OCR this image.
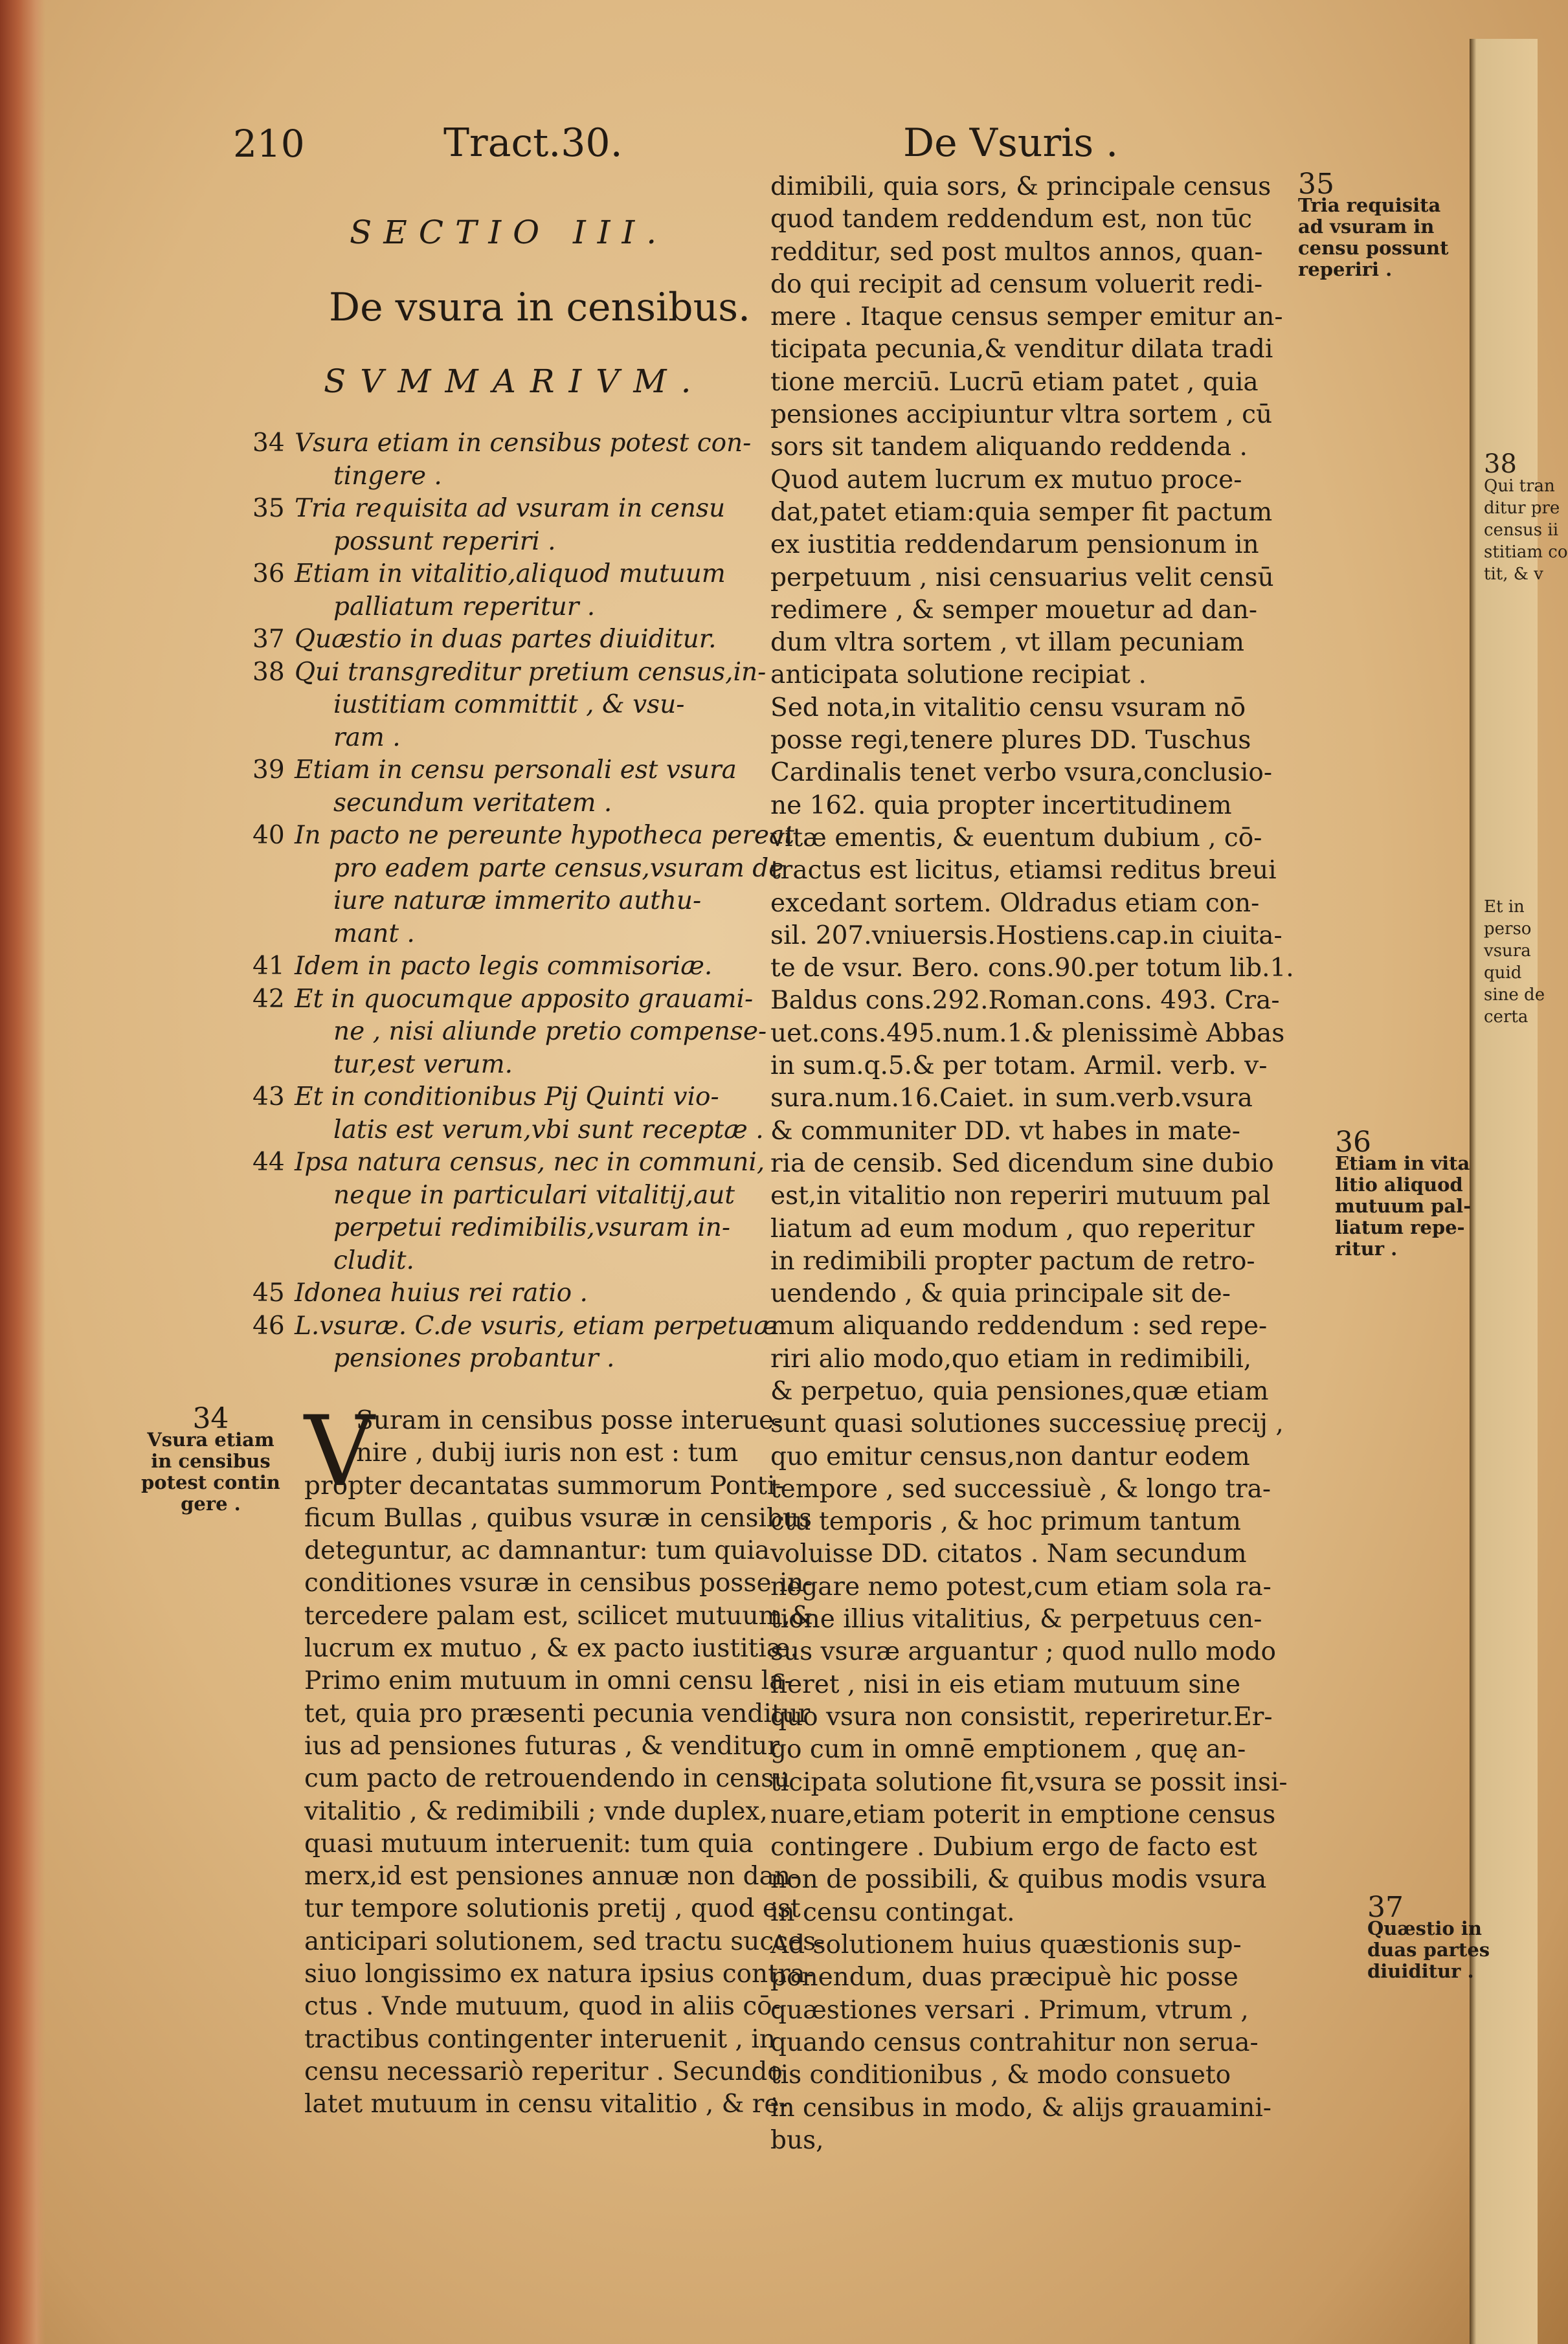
38
Qui tran
ditur pre
census ii
stitiam co
tit, & v
Et in
perso
vsura
quid
sine de
certa
210	Tract.30.	De Vsuris .
SECTIO III.
De vsura in censibus.
SVMMARIVM.
34 Vsura etiam in censibus potest con-
tingere .
35 Tria requisita ad vsuram in censu
possunt reperiri .
36 Etiam in vitalitio,aliquod mutuum
palliatum reperitur .
37 Quæstio in duas partes diuiditur.
38 Qui transgreditur pretium census,in-
iustitiam committit , & vsu-
ram .
39 Etiam in censu personali est vsura
secundum veritatem .
40 In pacto ne pereunte hypotheca pereat
pro eadem parte census,vsuram de
iure naturæ immerito authu-
mant .
41 Idem in pacto legis commisoriæ.
42 Et in quocumque apposito grauami-
ne , nisi aliunde pretio compense-
tur,est verum.
43 Et in conditionibus Pij Quinti vio-
latis est verum,vbi sunt receptæ .
44 Ipsa natura census, nec in communi,
neque in particulari vitalitij,aut
perpetui redimibilis,vsuram in-
cludit.
45 Idonea huius rei ratio .
46 L.vsuræ. C.de vsuris, etiam perpetuæ
pensiones probantur .
dimibili, quia sors, & principale census
quod tandem reddendum est, non tūc
redditur, sed post multos annos, quan-
do qui recipit ad censum voluerit redi-
mere . Itaque census semper emitur an-
ticipata pecunia,& venditur dilata tradi
tione merciū. Lucrū etiam patet , quia
pensiones accipiuntur vltra sortem , cū
sors sit tandem aliquando reddenda .
Quod autem lucrum ex mutuo proce-
dat,patet etiam:quia semper fit pactum
ex iustitia reddendarum pensionum in
perpetuum , nisi censuarius velit censū
redimere , & semper mouetur ad dan-
dum vltra sortem , vt illam pecuniam
anticipata solutione recipiat .
Sed nota,in vitalitio censu vsuram nō
posse regi,tenere plures DD. Tuschus
Cardinalis tenet verbo vsura,conclusio-
ne 162. quia propter incertitudinem
vitæ ementis, & euentum dubium , cō-
tractus est licitus, etiamsi reditus breui
excedant sortem. Oldradus etiam con-
sil. 207.vniuersis.Hostiens.cap.in ciuita-
te de vsur. Bero. cons.90.per totum lib.1.
Baldus cons.292.Roman.cons. 493. Cra-
uet.cons.495.num.1.& plenissimè Abbas
in sum.q.5.& per totam. Armil. verb. v-
sura.num.16.Caiet. in sum.verb.vsura
& communiter DD. vt habes in mate-
ria de censib. Sed dicendum sine dubio
est,in vitalitio non reperiri mutuum pal
liatum ad eum modum , quo reperitur
in redimibili propter pactum de retro-
uendendo , & quia principale sit de-
mum aliquando reddendum : sed repe-
riri alio modo,quo etiam in redimibili,
& perpetuo, quia pensiones,quæ etiam
sunt quasi solutiones successiuę precij ,
quo emitur census,non dantur eodem
tempore , sed successiuè , & longo tra-
ctu temporis , & hoc primum tantum
voluisse DD. citatos . Nam secundum
negare nemo potest,cum etiam sola ra-
tione illius vitalitius, & perpetuus cen-
sus vsuræ arguantur ; quod nullo modo
fieret , nisi in eis etiam mutuum sine
quo vsura non consistit, reperiretur.Er-
go cum in omnē emptionem , quę an-
ticipata solutione fit,vsura se possit insi-
nuare,etiam poterit in emptione census
contingere . Dubium ergo de facto est
non de possibili, & quibus modis vsura
in censu contingat.
Ad solutionem huius quæstionis sup-
ponendum, duas præcipuè hic posse
quæstiones versari . Primum, vtrum ,
quando census contrahitur non serua-
tis conditionibus , & modo consueto
in censibus in modo, & alijs grauamini-
bus,
V
Suram in censibus posse interue-
nire , dubij iuris non est : tum
propter decantatas summorum Ponti-
ficum Bullas , quibus vsuræ in censibus
deteguntur, ac damnantur: tum quia
conditiones vsuræ in censibus posse in-
tercedere palam est, scilicet mutuum,&
lucrum ex mutuo , & ex pacto iustitiæ.
Primo enim mutuum in omni censu la-
tet, quia pro præsenti pecunia venditur
ius ad pensiones futuras , & venditur
cum pacto de retrouendendo in censu
vitalitio , & redimibili ; vnde duplex,
quasi mutuum interuenit: tum quia
merx,id est pensiones annuæ non dan-
tur tempore solutionis pretij , quod est
anticipari solutionem, sed tractu succes-
siuo longissimo ex natura ipsius contra-
ctus . Vnde mutuum, quod in aliis cō-
tractibus contingenter interuenit , in
censu necessariò reperitur . Secundo
latet mutuum in censu vitalitio , & re-
35
Tria requisita
ad vsuram in
censu possunt
reperiri .
36
Etiam in vita
litio aliquod
mutuum pal-
liatum repe-
ritur .
37
Quæstio in
duas partes
diuiditur .
34
Vsura etiam
in censibus
potest contin
gere .
